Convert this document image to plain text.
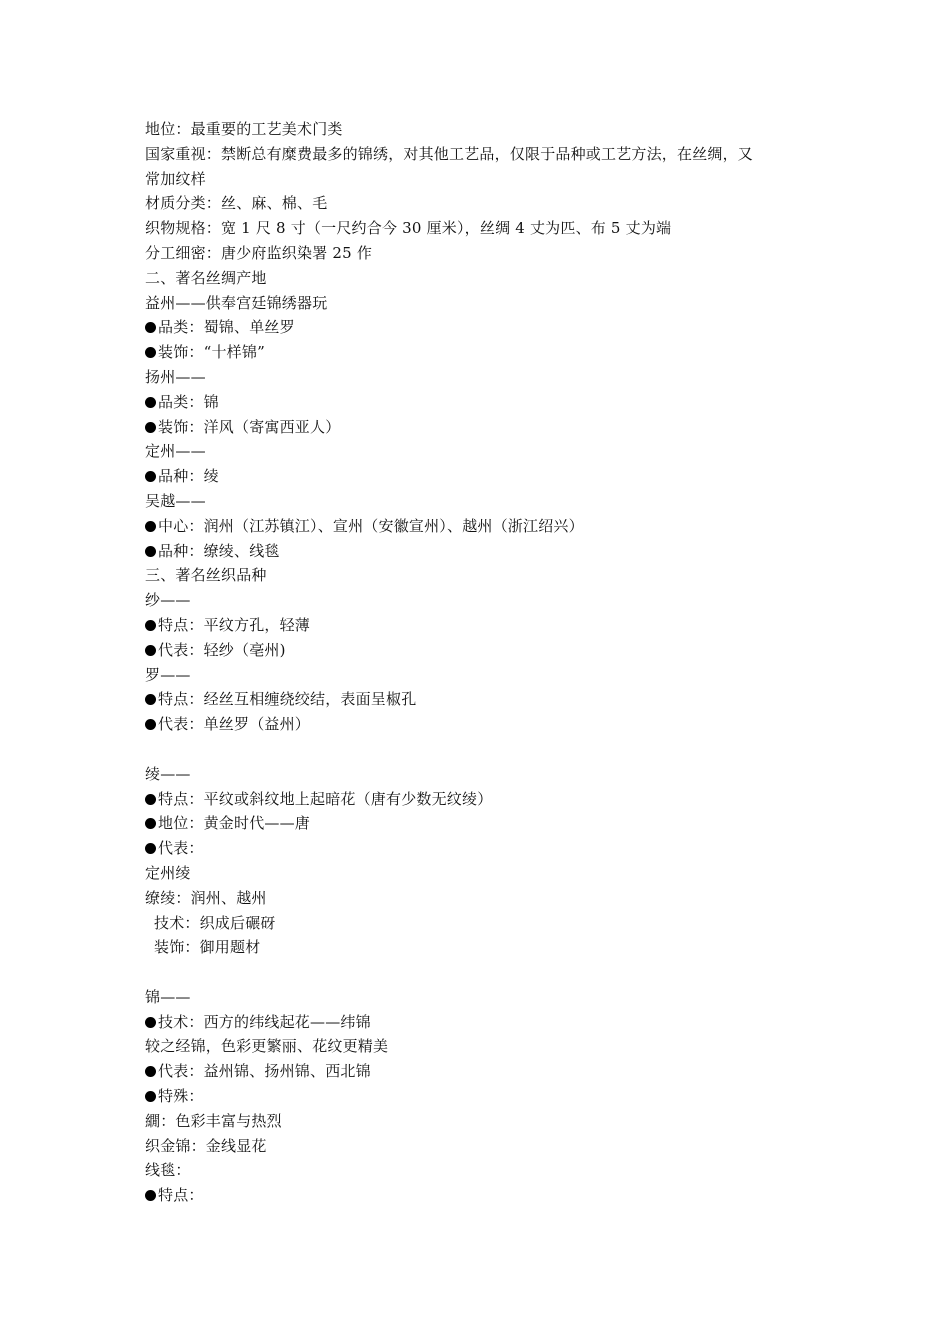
地位：最重要的工艺美术门类
国家重视：禁断总有糜费最多的锦绣，对其他工艺品，仅限于品种或工艺方法，在丝绸，又
常加纹样
材质分类：丝、麻、棉、毛
织物规格：宽 1 尺 8 寸（一尺约合今 30 厘米），丝绸 4 丈为匹、布 5 丈为端
分工细密：唐少府监织染署 25 作
二、著名丝绸产地
益州——供奉宫廷锦绣器玩
品类：蜀锦、单丝罗
装饰：“十样锦”
扬州——
品类：锦
装饰：洋风（寄寓西亚人）
定州——
品种：绫
吴越——
中心：润州（江苏镇江）、宣州（安徽宣州）、越州（浙江绍兴）
品种：缭绫、线毯
三、著名丝织品种
纱——
特点：平纹方孔，轻薄
代表：轻纱（亳州)
罗——
特点：经丝互相缠绕绞结，表面呈椒孔
代表：单丝罗（益州）
绫——
特点：平纹或斜纹地上起暗花（唐有少数无纹绫）
地位：黄金时代——唐
代表：
定州绫
缭绫：润州、越州
技术：织成后碾砑
装饰：御用题材
锦——
技术：西方的纬线起花——纬锦
较之经锦，色彩更繁丽、花纹更精美
代表：益州锦、扬州锦、西北锦
特殊：
繝：色彩丰富与热烈
织金锦：金线显花
线毯：
特点：
